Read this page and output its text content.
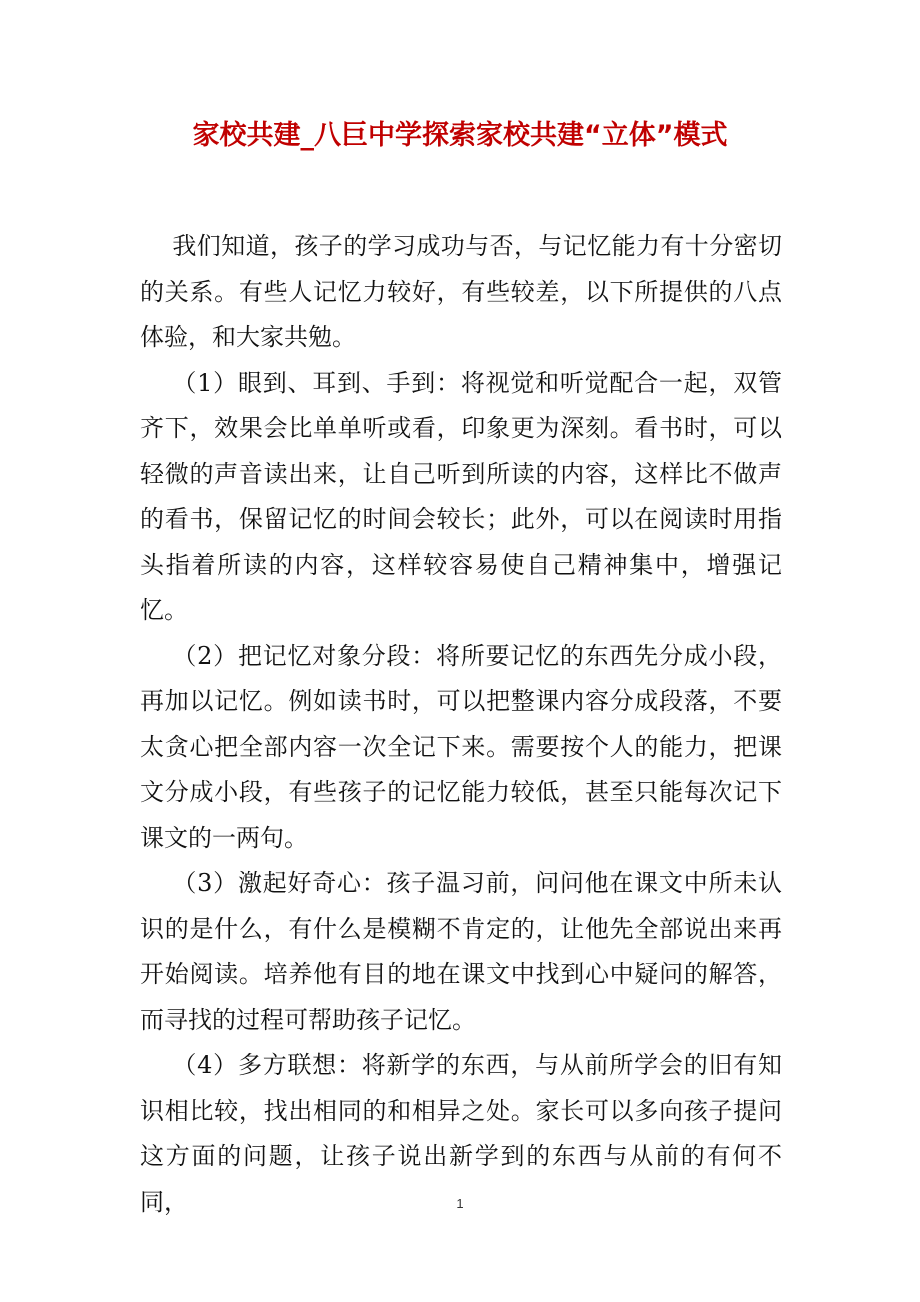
家校共建_八巨中学探索家校共建“立体”模式

我们知道，孩子的学习成功与否，与记忆能力有十分密切的关系。有些人记忆力较好，有些较差，以下所提供的八点体验，和大家共勉。

（1）眼到、耳到、手到：将视觉和听觉配合一起，双管齐下，效果会比单单听或看，印象更为深刻。看书时，可以轻微的声音读出来，让自己听到所读的内容，这样比不做声的看书，保留记忆的时间会较长；此外，可以在阅读时用指头指着所读的内容，这样较容易使自己精神集中，增强记忆。

（2）把记忆对象分段：将所要记忆的东西先分成小段，再加以记忆。例如读书时，可以把整课内容分成段落，不要太贪心把全部内容一次全记下来。需要按个人的能力，把课文分成小段，有些孩子的记忆能力较低，甚至只能每次记下课文的一两句。

（3）激起好奇心：孩子温习前，问问他在课文中所未认识的是什么，有什么是模糊不肯定的，让他先全部说出来再开始阅读。培养他有目的地在课文中找到心中疑问的解答，而寻找的过程可帮助孩子记忆。

（4）多方联想：将新学的东西，与从前所学会的旧有知识相比较，找出相同的和相异之处。家长可以多向孩子提问这方面的问题，让孩子说出新学到的东西与从前的有何不同，	1
